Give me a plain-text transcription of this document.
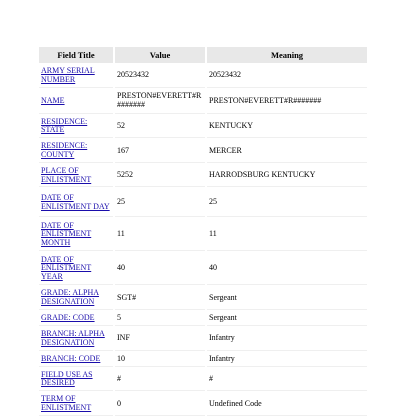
Field Title	Value	Meaning
ARMY SERIAL NUMBER	20523432	20523432
NAME	PRESTON#EVERETT#R#######	PRESTON#EVERETT#R#######
RESIDENCE: STATE	52	KENTUCKY
RESIDENCE: COUNTY	167	MERCER
PLACE OF ENLISTMENT	5252	HARRODSBURG KENTUCKY
DATE OF ENLISTMENT DAY	25	25
DATE OF ENLISTMENT MONTH	11	11
DATE OF ENLISTMENT YEAR	40	40
GRADE: ALPHA DESIGNATION	SGT#	Sergeant
GRADE: CODE	5	Sergeant
BRANCH: ALPHA DESIGNATION	INF	Infantry
BRANCH: CODE	10	Infantry
FIELD USE AS DESIRED	#	#
TERM OF ENLISTMENT	0	Undefined Code
